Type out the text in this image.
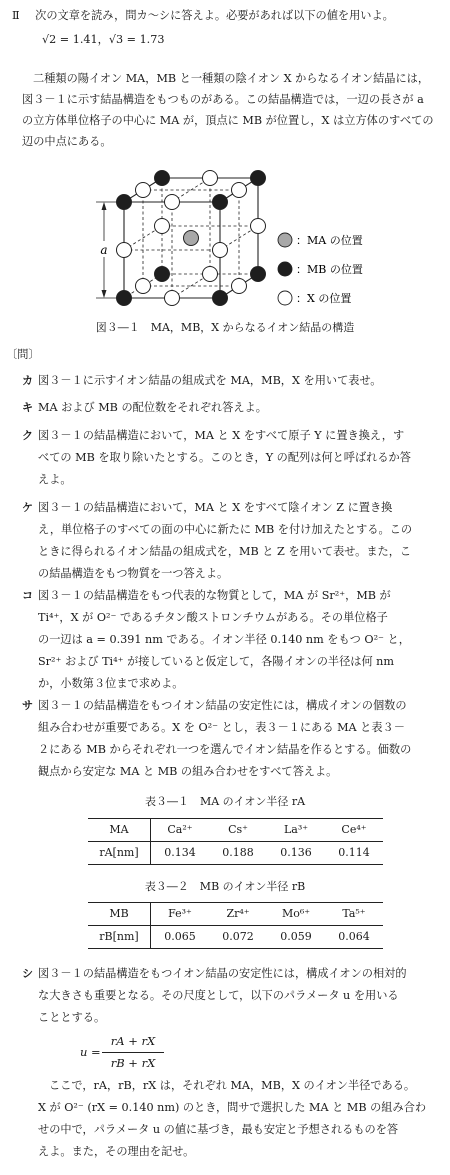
Ⅱ 次の文章を読み，問カ～シに答えよ。必要があれば以下の値を用いよ。

√2 = 1.41，√3 = 1.73

二種類の陽イオン MA，MB と一種類の陰イオン X からなるイオン結晶には，

図３－１に示す結晶構造をもつものがある。この結晶構造では，一辺の長さが a

の立方体単位格子の中心に MA が，頂点に MB が位置し，X は立方体のすべての

辺の中点にある。

a
：MA の位置
：MB の位置
：X の位置
図３―１　MA，MB，X からなるイオン結晶の構造
〔問〕
カ 図３－１に示すイオン結晶の組成式を MA，MB，X を用いて表せ。
キ MA および MB の配位数をそれぞれ答えよ。
ク 図３－１の結晶構造において，MA と X をすべて原子 Y に置き換え，す
べての MB を取り除いたとする。このとき，Y の配列は何と呼ばれるか答
えよ。
ケ 図３－１の結晶構造において，MA と X をすべて陰イオン Z に置き換
え，単位格子のすべての面の中心に新たに MB を付け加えたとする。この
ときに得られるイオン結晶の組成式を，MB と Z を用いて表せ。また，こ
の結晶構造をもつ物質を一つ答えよ。
コ 図３－１の結晶構造をもつ代表的な物質として，MA が Sr²⁺，MB が
Ti⁴⁺，X が O²⁻ であるチタン酸ストロンチウムがある。その単位格子
の一辺は a = 0.391 nm である。イオン半径 0.140 nm をもつ O²⁻ と，
Sr²⁺ および Ti⁴⁺ が接していると仮定して，各陽イオンの半径は何 nm
か，小数第３位まで求めよ。
サ 図３－１の結晶構造をもつイオン結晶の安定性には，構成イオンの個数の
組み合わせが重要である。X を O²⁻ とし，表３－１にある MA と表３－
２にある MB からそれぞれ一つを選んでイオン結晶を作るとする。価数の
観点から安定な MA と MB の組み合わせをすべて答えよ。
表３―１　MA のイオン半径 rA
MA	Ca²⁺	Cs⁺	La³⁺	Ce⁴⁺
rA[nm]	0.134	0.188	0.136	0.114
表３―２　MB のイオン半径 rB
MB	Fe³⁺	Zr⁴⁺	Mo⁶⁺	Ta⁵⁺
rB[nm]	0.065	0.072	0.059	0.064
シ 図３－１の結晶構造をもつイオン結晶の安定性には，構成イオンの相対的
な大きさも重要となる。その尺度として，以下のパラメータ u を用いる
こととする。
u =
rA + rX
rB + rX

ここで，rA，rB，rX は，それぞれ MA，MB，X のイオン半径である。

X が O²⁻ (rX = 0.140 nm) のとき，問サで選択した MA と MB の組み合わ

せの中で，パラメータ u の値に基づき，最も安定と予想されるものを答

えよ。また，その理由を記せ。
